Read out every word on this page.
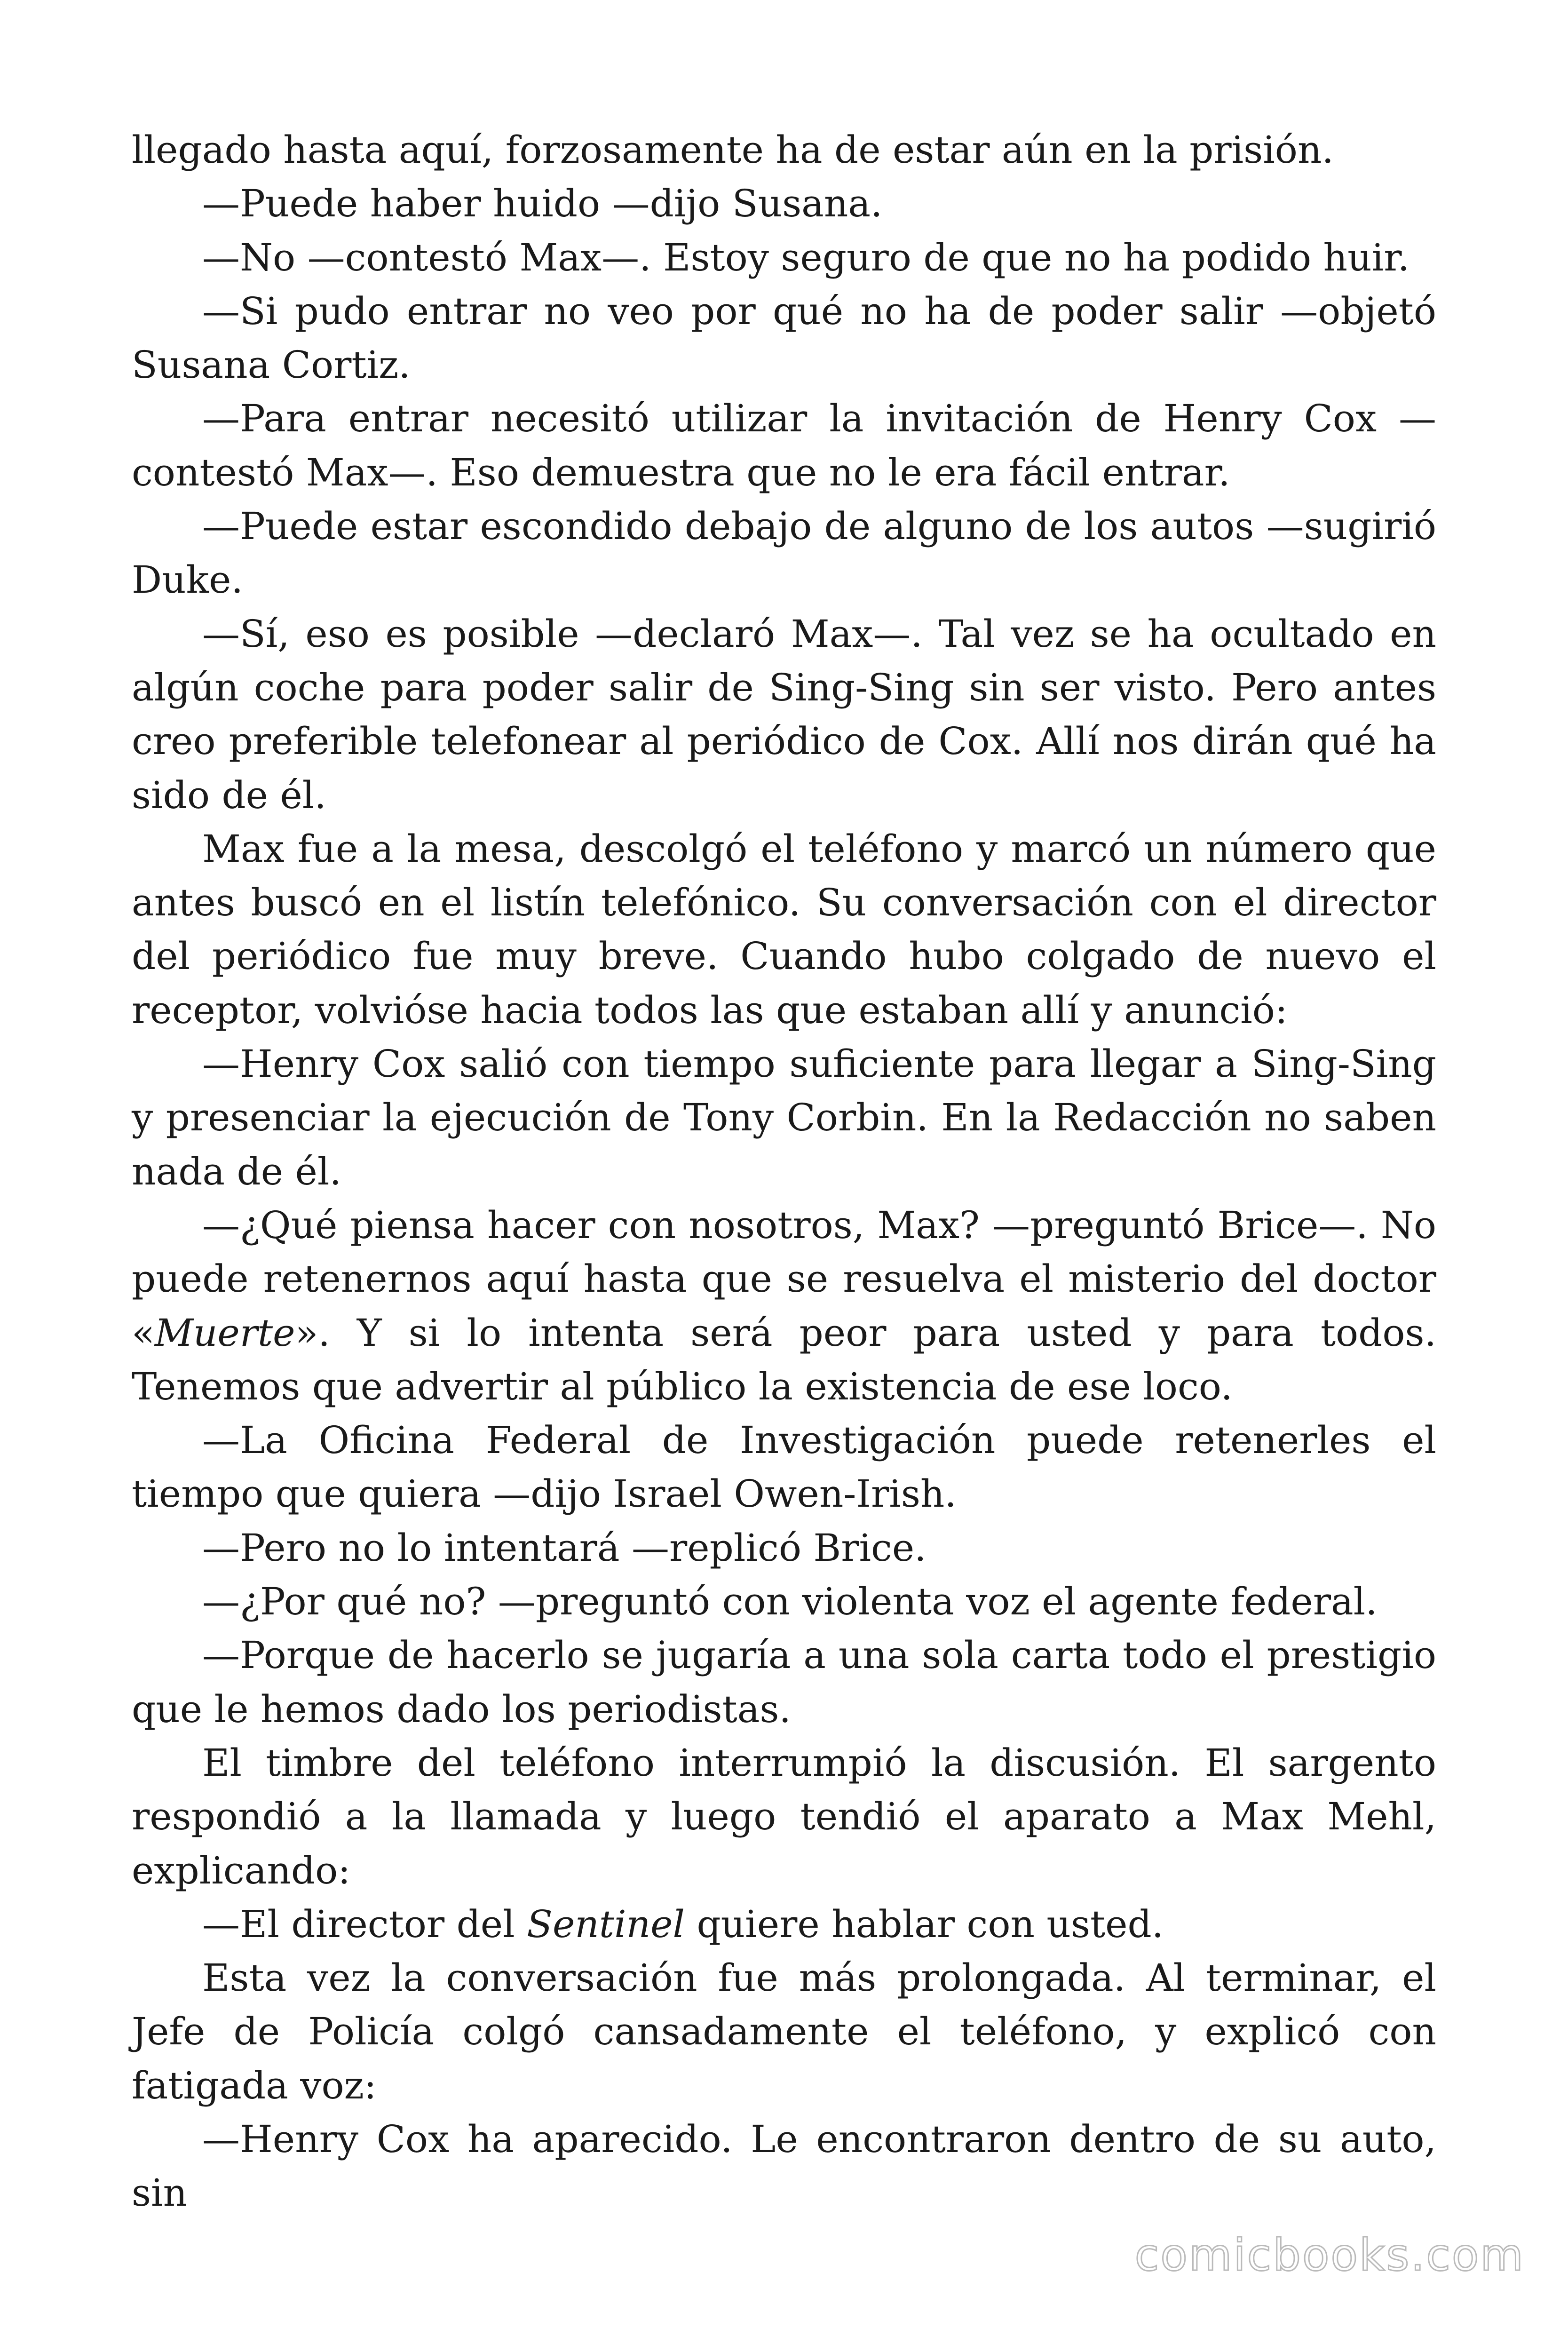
llegado hasta aquí, forzosamente ha de estar aún en la prisión.

—Puede haber huido —dijo Susana.

—No —contestó Max—. Estoy seguro de que no ha podido huir.

—Si pudo entrar no veo por qué no ha de poder salir —objetó Susana Cortiz.

—Para entrar necesitó utilizar la invitación de Henry Cox —contestó Max—. Eso demuestra que no le era fácil entrar.

—Puede estar escondido debajo de alguno de los autos —sugirió Duke.

—Sí, eso es posible —declaró Max—. Tal vez se ha ocultado en algún coche para poder salir de Sing-Sing sin ser visto. Pero antes creo preferible telefonear al periódico de Cox. Allí nos dirán qué ha sido de él.

Max fue a la mesa, descolgó el teléfono y marcó un número que antes buscó en el listín telefónico. Su conversación con el director del periódico fue muy breve. Cuando hubo colgado de nuevo el receptor, volvióse hacia todos las que estaban allí y anunció:

—Henry Cox salió con tiempo suficiente para llegar a Sing-Sing y presenciar la ejecución de Tony Corbin. En la Redacción no saben nada de él.

—¿Qué piensa hacer con nosotros, Max? —preguntó Brice—. No puede retenernos aquí hasta que se resuelva el misterio del doctor «Muerte». Y si lo intenta será peor para usted y para todos. Tenemos que advertir al público la existencia de ese loco.

—La Oficina Federal de Investigación puede retenerles el tiempo que quiera —dijo Israel Owen-Irish.

—Pero no lo intentará —replicó Brice.

—¿Por qué no? —preguntó con violenta voz el agente federal.

—Porque de hacerlo se jugaría a una sola carta todo el prestigio que le hemos dado los periodistas.

El timbre del teléfono interrumpió la discusión. El sargento respondió a la llamada y luego tendió el aparato a Max Mehl, explicando:

—El director del Sentinel quiere hablar con usted.

Esta vez la conversación fue más prolongada. Al terminar, el Jefe de Policía colgó cansadamente el teléfono, y explicó con fatigada voz:

—Henry Cox ha aparecido. Le encontraron dentro de su auto, sin

comicbooks.com
